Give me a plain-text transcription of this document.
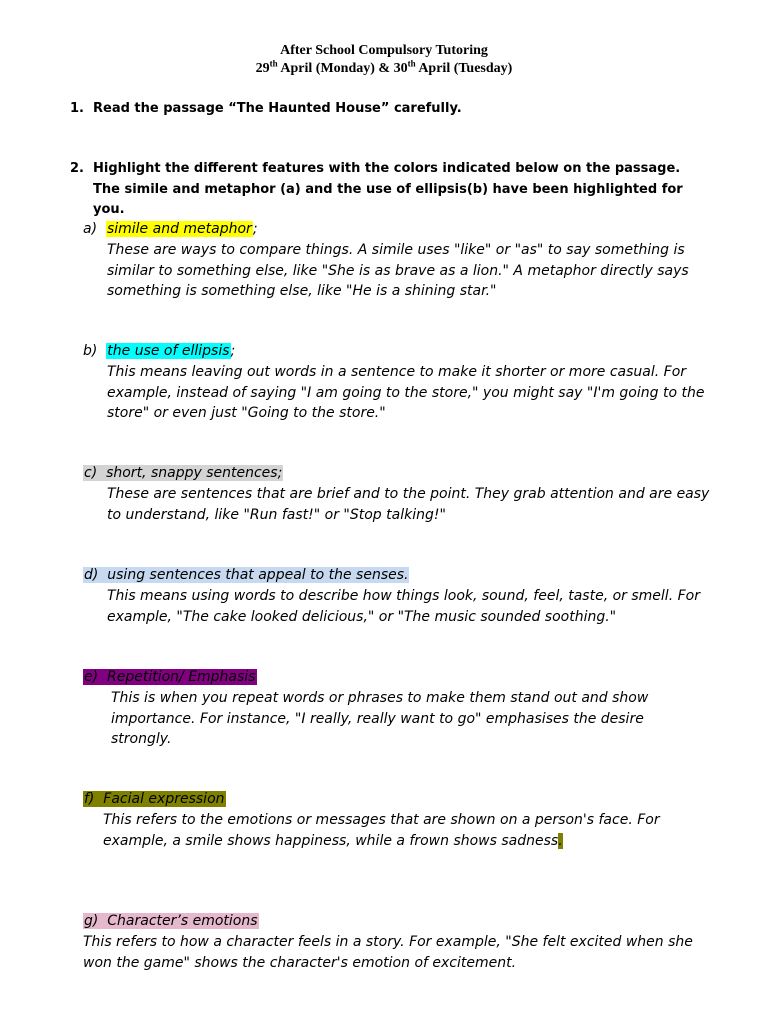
After School Compulsory Tutoring
29th April (Monday) & 30th April (Tuesday)
1. Read the passage “The Haunted House” carefully.
2. Highlight the different features with the colors indicated below on the passage. The simile and metaphor (a) and the use of ellipsis(b) have been highlighted for you.
a) simile and metaphor;
These are ways to compare things. A simile uses "like" or "as" to say something is similar to something else, like "She is as brave as a lion." A metaphor directly says something is something else, like "He is a shining star."
b) the use of ellipsis;
This means leaving out words in a sentence to make it shorter or more casual. For example, instead of saying "I am going to the store," you might say "I'm going to the store" or even just "Going to the store."
c) short, snappy sentences;
These are sentences that are brief and to the point. They grab attention and are easy to understand, like "Run fast!" or "Stop talking!"
d) using sentences that appeal to the senses.
This means using words to describe how things look, sound, feel, taste, or smell. For example, "The cake looked delicious," or "The music sounded soothing."
e) Repetition/ Emphasis
This is when you repeat words or phrases to make them stand out and show importance. For instance, "I really, really want to go" emphasises the desire strongly.
f) Facial expression
This refers to the emotions or messages that are shown on a person's face. For example, a smile shows happiness, while a frown shows sadness.
g) Character’s emotions
This refers to how a character feels in a story. For example, "She felt excited when she won the game" shows the character's emotion of excitement.
